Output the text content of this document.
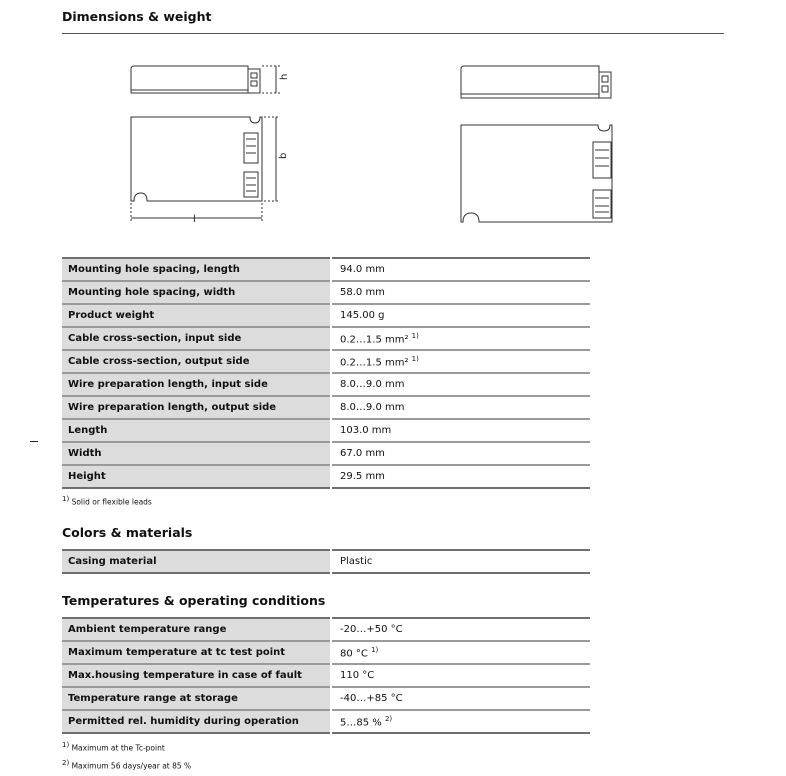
Dimensions & weight
h
b
l
Mounting hole spacing, length	94.0 mm
Mounting hole spacing, width	58.0 mm
Product weight	145.00 g
Cable cross-section, input side	0.2…1.5 mm² $^{1)}$
Cable cross-section, output side	0.2…1.5 mm² $^{1)}$
Wire preparation length, input side	8.0…9.0 mm
Wire preparation length, output side	8.0…9.0 mm
Length	103.0 mm
Width	67.0 mm
Height	29.5 mm
$^{1)}$ Solid or flexible leads
Colors & materials
Casing material	Plastic
Temperatures & operating conditions
Ambient temperature range	-20…+50 °C
Maximum temperature at tc test point	80 °C $^{1)}$
Max.housing temperature in case of fault	110 °C
Temperature range at storage	-40…+85 °C
Permitted rel. humidity during operation	5…85 % $^{2)}$
$^{1)}$ Maximum at the Tc-point
$^{2)}$ Maximum 56 days/year at 85 %
